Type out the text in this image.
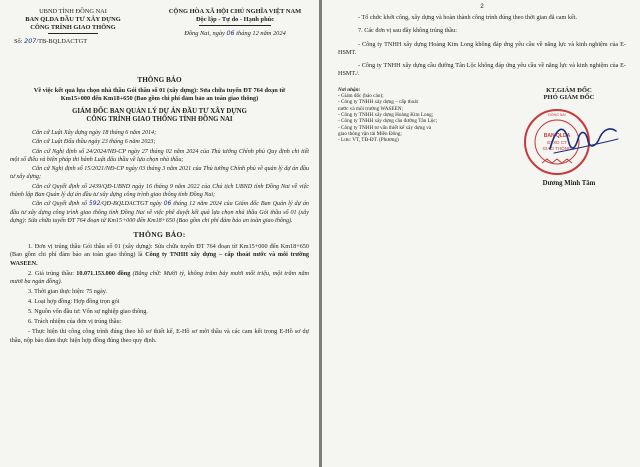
UBND TỈNH ĐỒNG NAI
BAN QLDA ĐẦU TƯ XÂY DỰNG
CÔNG TRÌNH GIAO THÔNG
Số: 207/TB-BQLDACTGT
CỘNG HÒA XÃ HỘI CHỦ NGHĨA VIỆT NAM
Độc lập - Tự do - Hạnh phúc
Đồng Nai, ngày 06 tháng 12 năm 2024
THÔNG BÁO
Về việc kết quả lựa chọn nhà thầu Gói thầu số 01 (xây dựng): Sửa chữa tuyến ĐT 764 đoạn từ Km15+000 đến Km18+650 (Bao gồm chi phí đảm bảo an toàn giao thông)
GIÁM ĐỐC BAN QUẢN LÝ DỰ ÁN ĐẦU TƯ XÂY DỰNG
CÔNG TRÌNH GIAO THÔNG TỈNH ĐỒNG NAI

Căn cứ Luật Xây dựng ngày 18 tháng 6 năm 2014;

Căn cứ Luật Đấu thầu ngày 23 tháng 6 năm 2023;

Căn cứ Nghị định số 24/2024/NĐ-CP ngày 27 tháng 02 năm 2024 của Thủ tướng Chính phủ Quy định chi tiết một số điều và biện pháp thi hành Luật đấu thầu về lựa chọn nhà thầu;

Căn cứ Nghị định số 15/2021/NĐ-CP ngày 03 tháng 3 năm 2021 của Thủ tướng Chính phủ về quản lý dự án đầu tư xây dựng;

Căn cứ Quyết định số 2439/QĐ-UBND ngày 16 tháng 9 năm 2022 của Chủ tịch UBND tỉnh Đồng Nai về việc thành lập Ban Quản lý dự án đầu tư xây dựng công trình giao thông tỉnh Đồng Nai;

Căn cứ Quyết định số 592/QĐ-BQLDACTGT ngày 06 tháng 12 năm 2024 của Giám đốc Ban Quản lý dự án đầu tư xây dựng công trình giao thông tỉnh Đồng Nai về việc phê duyệt kết quả lựa chọn nhà thầu Gói thầu số 01 (xây dựng): Sửa chữa tuyến ĐT 764 đoạn từ Km15+000 đến Km18+650 (Bao gồm chi phí đảm bảo an toàn giao thông).

THÔNG BÁO:

1. Đơn vị trúng thầu Gói thầu số 01 (xây dựng): Sửa chữa tuyến ĐT 764 đoạn từ Km15+000 đến Km18+650 (Bao gồm chi phí đảm bảo an toàn giao thông) là Công ty TNHH xây dựng – cấp thoát nước và môi trường WASEEN.

2. Giá trúng thầu: 10.071.153.000 đồng (Bằng chữ: Mười tỷ, không trăm bảy mươi mốt triệu, một trăm năm mươi ba ngàn đồng).

3. Thời gian thực hiện: 75 ngày.

4. Loại hợp đồng: Hợp đồng trọn gói

5. Nguồn vốn đầu tư: Vốn sự nghiệp giao thông.

6. Trách nhiệm của đơn vị trúng thầu:

- Thực hiện thi công công trình đúng theo hồ sơ thiết kế, E-Hồ sơ mời thầu và các cam kết trong E-Hồ sơ dự thầu, nộp bảo đảm thực hiện hợp đồng đúng theo quy định.

2

- Tổ chức khởi công, xây dựng và hoàn thành công trình đúng theo thời gian đã cam kết.

7. Các đơn vị sau đây không trúng thầu:

- Công ty TNHH xây dựng Hoàng Kim Long không đáp ứng yêu cầu về năng lực và kinh nghiệm của E-HSMT.

- Công ty TNHH xây dựng cầu đường Tân Lộc không đáp ứng yêu cầu về năng lực và kinh nghiệm của E-HSMT./.

Nơi nhận:
- Giám đốc (báo cáo);
- Công ty TNHH xây dựng – cấp thoát
nước và môi trường WASEEN;
- Công ty TNHH xây dựng Hoàng Kim Long;
- Công ty TNHH xây dựng cầu đường Tân Lộc;
- Công ty TNHH tư vấn thiết kế xây dựng và
giao thông vận tải Miền Đông;
- Lưu: VT, TĐ-ĐT. (Phương)
KT.GIÁM ĐỐC
PHÓ GIÁM ĐỐC
BAN QLDA
ĐTXD CT
GIAO THÔNG
ĐỒNG NAI
Dương Minh Tâm
